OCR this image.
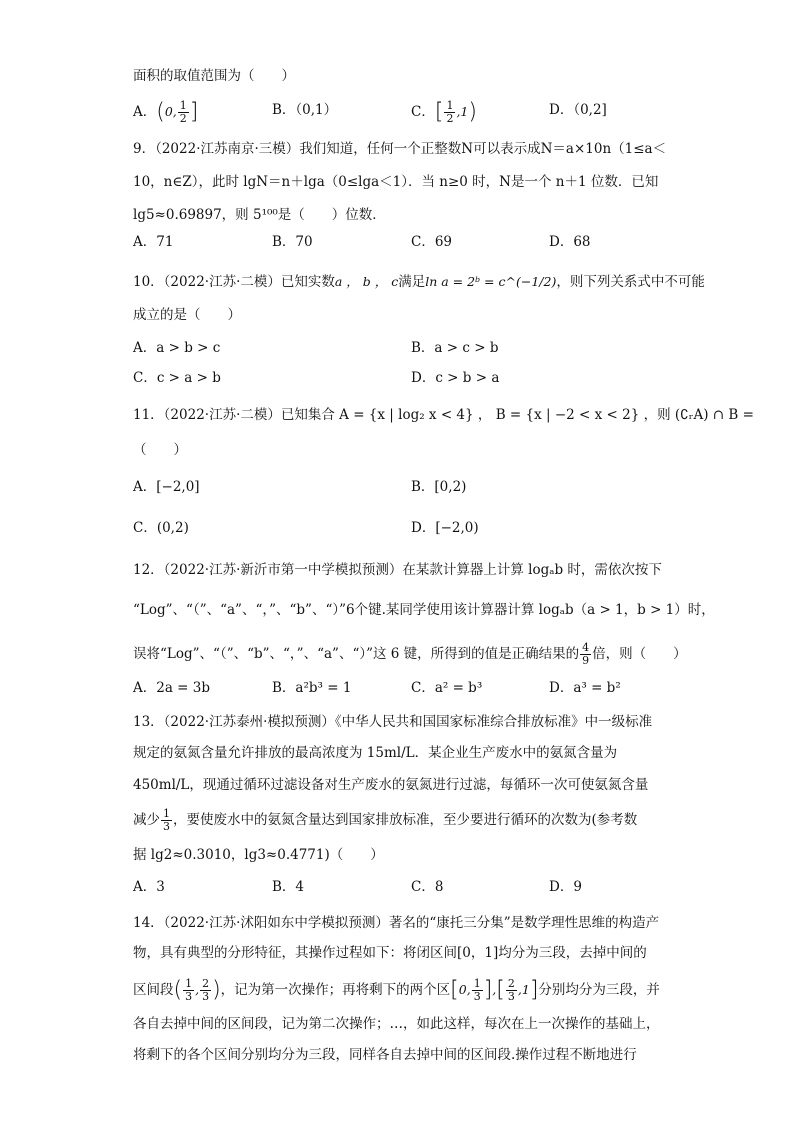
面积的取值范围为（　　）
A．(0, $\frac{1}{2}$ ]	B．（0,1）	C．[ $\frac{1}{2} ,1$)	D．（0,2]
9．（2022·江苏南京·三模）我们知道，任何一个正整数N可以表示成N＝a×10n（1≤a＜
10，n∈Z），此时 lgN＝n＋lga（0≤lga＜1）．当 n≥0 时，N是一个 n＋1 位数．已知
lg5≈0.69897，则 5¹⁰⁰是（　　）位数．
A．71	B．70	C．69	D．68
10．（2022·江苏·二模）已知实数a ， b ， c满足ln a = 2ᵇ = c^(−1/2)，则下列关系式中不可能
成立的是（　　）
A．a > b > c	B．a > c > b
C．c > a > b	D．c > b > a
11．（2022·江苏·二模）已知集合 A = {x | log₂ x < 4} ， B = {x | −2 < x < 2} ，则 (∁ᵣA) ∩ B =
（　　）
A．[−2,0]	B．[0,2)
C．(0,2)	D．[−2,0)
12．（2022·江苏·新沂市第一中学模拟预测）在某款计算器上计算 logₐb 时，需依次按下
“Log”、“（”、“a”、“，”、“b”、“）”6个键.某同学使用该计算器计算 logₐb（a > 1，b > 1）时，
误将“Log”、“（”、“b”、“，”、“a”、“）”这 6 键，所得到的值是正确结果的 $\frac{4}{9}$ 倍，则（　　）
A．2a = 3b	B．a²b³ = 1	C．a² = b³	D．a³ = b²
13．（2022·江苏泰州·模拟预测）《中华人民共和国国家标准综合排放标准》中一级标准
规定的氨氮含量允许排放的最高浓度为 15ml/L．某企业生产废水中的氨氮含量为
450ml/L，现通过循环过滤设备对生产废水的氨氮进行过滤，每循环一次可使氨氮含量
减少 $\frac{1}{3}$ ，要使废水中的氨氮含量达到国家排放标准，至少要进行循环的次数为(参考数
据 lg2≈0.3010，lg3≈0.4771)（　　）
A．3	B．4	C．8	D．9
14．（2022·江苏·沭阳如东中学模拟预测）著名的“康托三分集”是数学理性思维的构造产
物，具有典型的分形特征，其操作过程如下：将闭区间[0，1]均分为三段，去掉中间的
区间段( $\frac{1}{3}$ , $\frac{2}{3}$ )，记为第一次操作；再将剩下的两个区[0, $\frac{1}{3}$ ],[ $\frac{2}{3} ,1$]分别均分为三段，并
各自去掉中间的区间段，记为第二次操作；…，如此这样，每次在上一次操作的基础上，
将剩下的各个区间分别均分为三段，同样各自去掉中间的区间段.操作过程不断地进行
